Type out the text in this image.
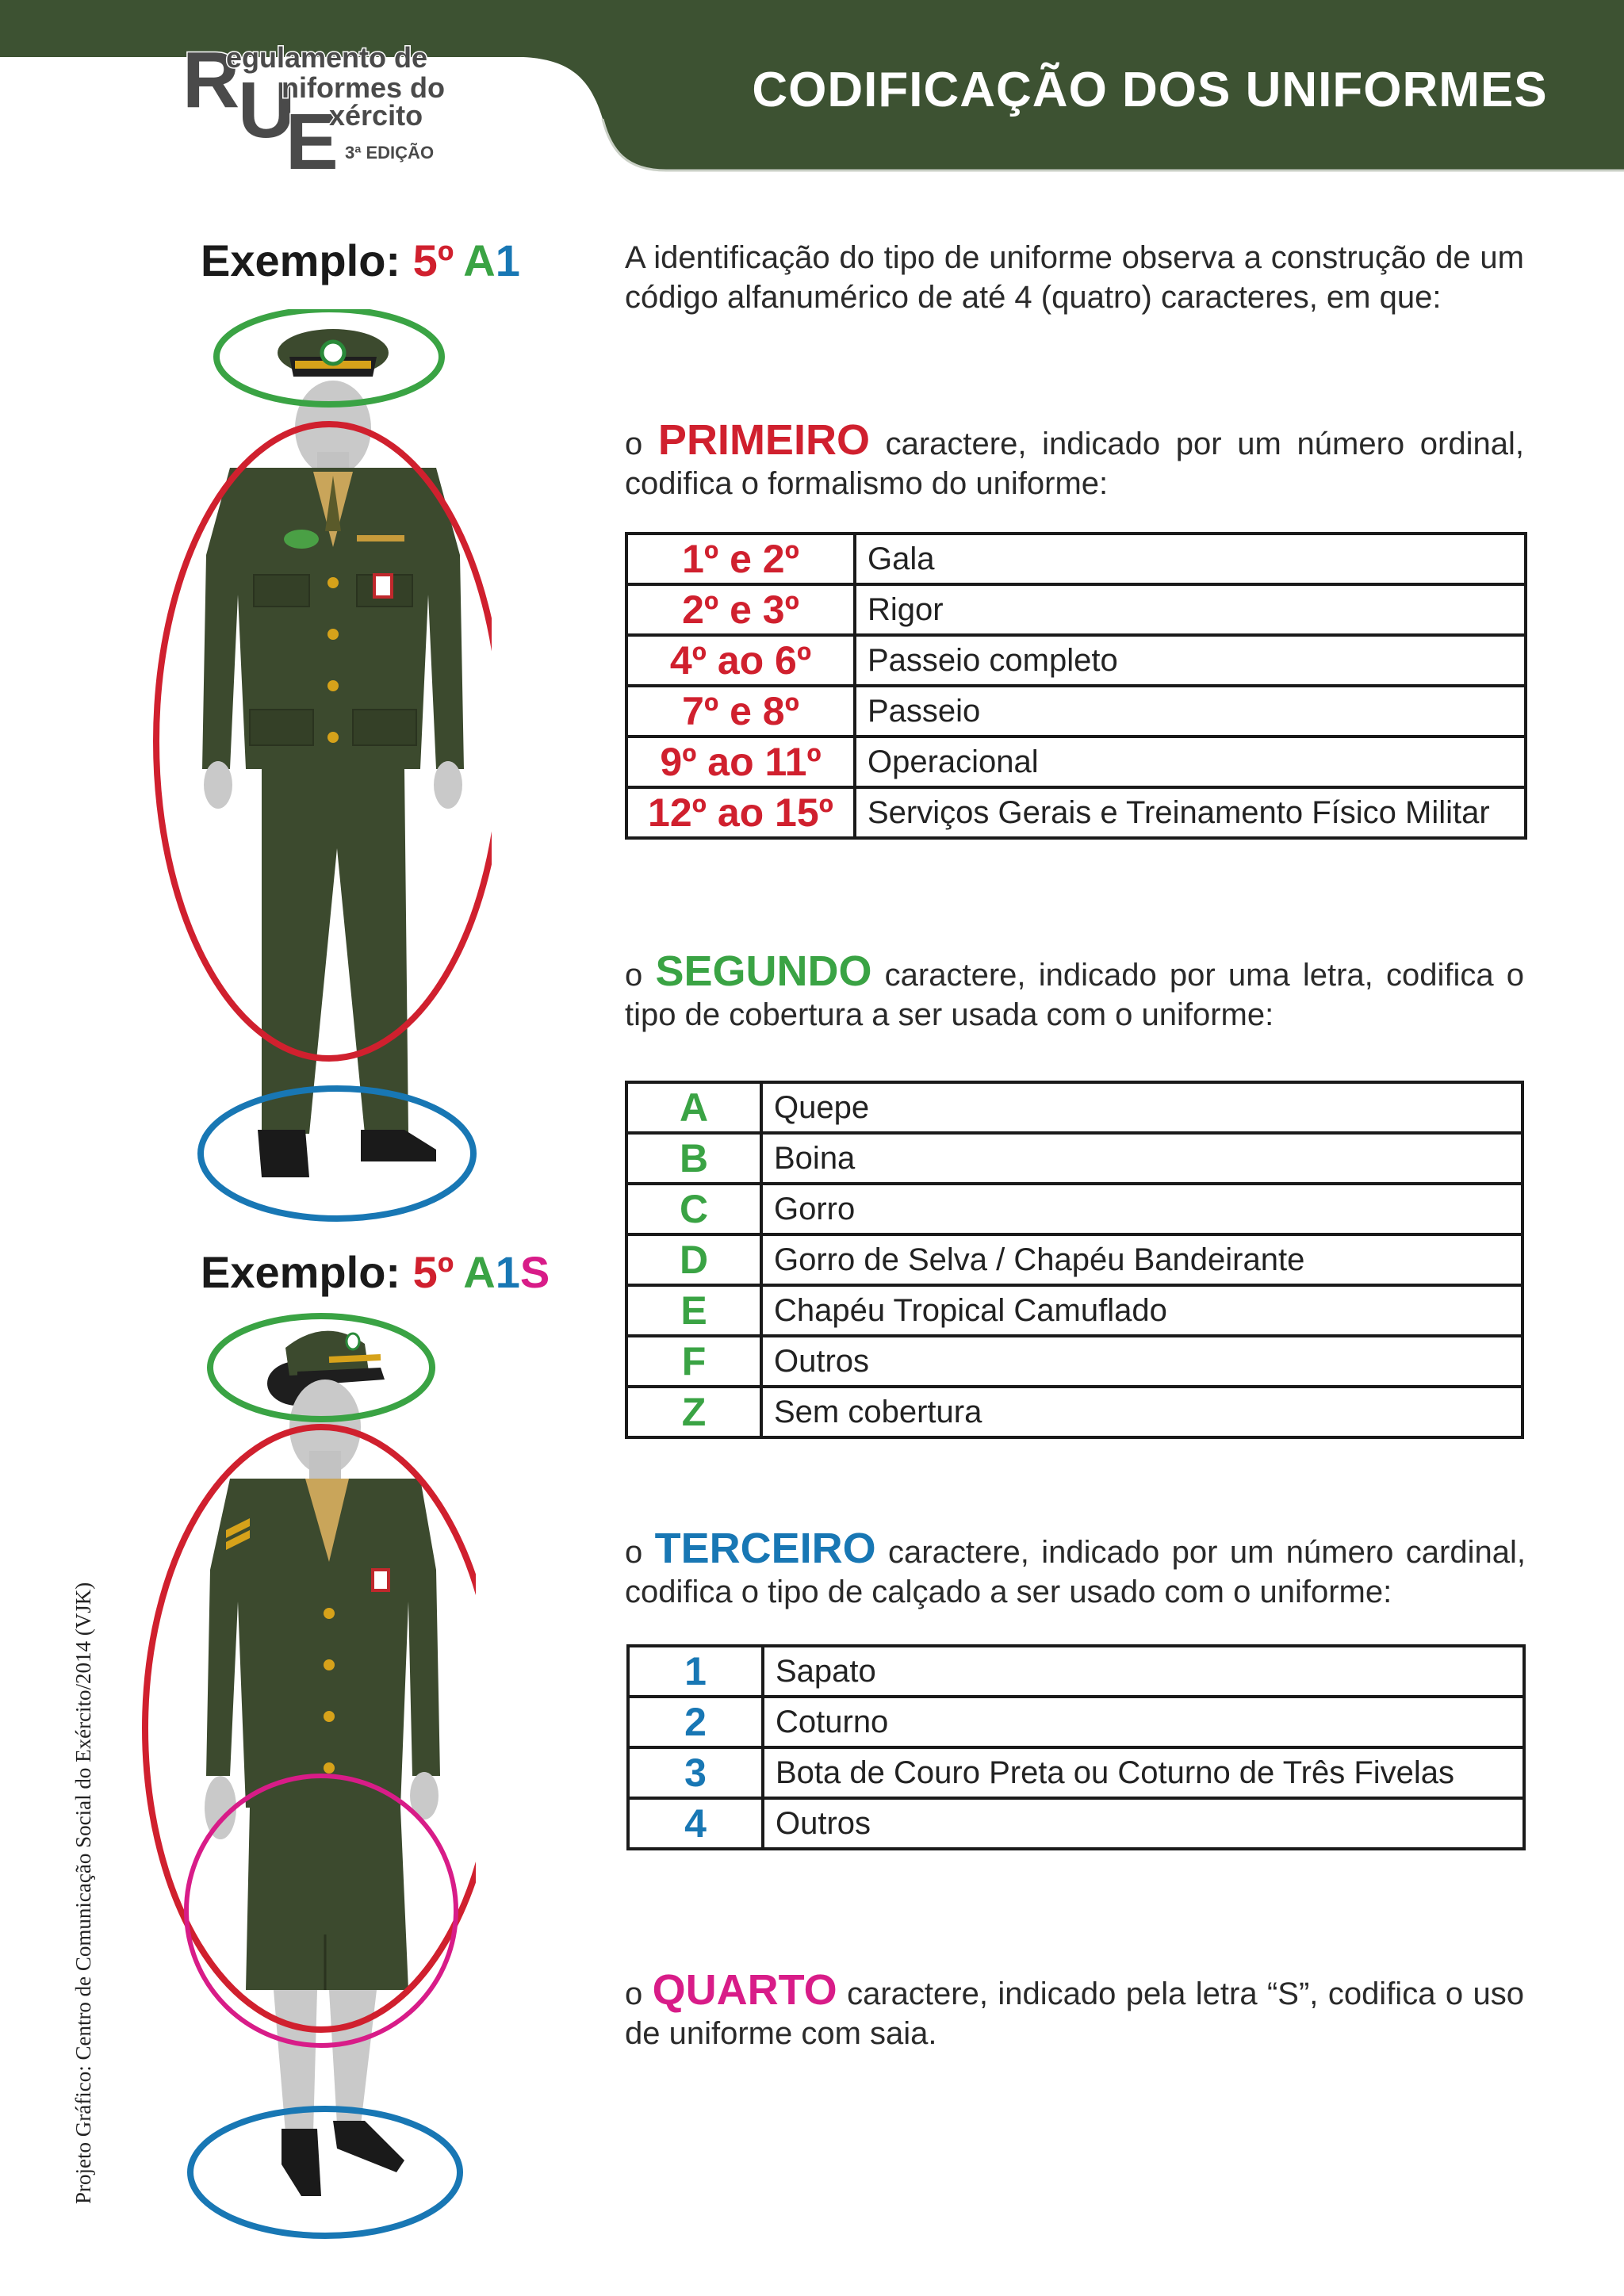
CODIFICAÇÃO DOS UNIFORMES
R
U
E
egulamento de
niformes do
xército
3ª EDIÇÃO
Exemplo: 5º A1
Exemplo: 5º A1S
Projeto Gráfico: Centro de Comunicação Social do Exército/2014 (VJK)
A identificação do tipo de uniforme observa a construção de um código alfanumérico de até 4 (quatro) caracteres, em que:
o PRIMEIRO caractere, indicado por um número ordinal, codifica o formalismo do uniforme:
1º e 2º	Gala
2º e 3º	Rigor
4º ao 6º	Passeio completo
7º e 8º	Passeio
9º ao 11º	Operacional
12º ao 15º	Serviços Gerais e Treinamento Físico Militar
o SEGUNDO caractere, indicado por uma letra, codifica o tipo de cobertura a ser usada com o uniforme:
A	Quepe
B	Boina
C	Gorro
D	Gorro de Selva / Chapéu Bandeirante
E	Chapéu Tropical Camuflado
F	Outros
Z	Sem cobertura
o TERCEIRO caractere, indicado por um número cardinal, codifica o tipo de calçado a ser usado com o uniforme:
1	Sapato
2	Coturno
3	Bota de Couro Preta ou Coturno de Três Fivelas
4	Outros
o QUARTO caractere, indicado pela letra “S”, codifica o uso de uniforme com saia.
